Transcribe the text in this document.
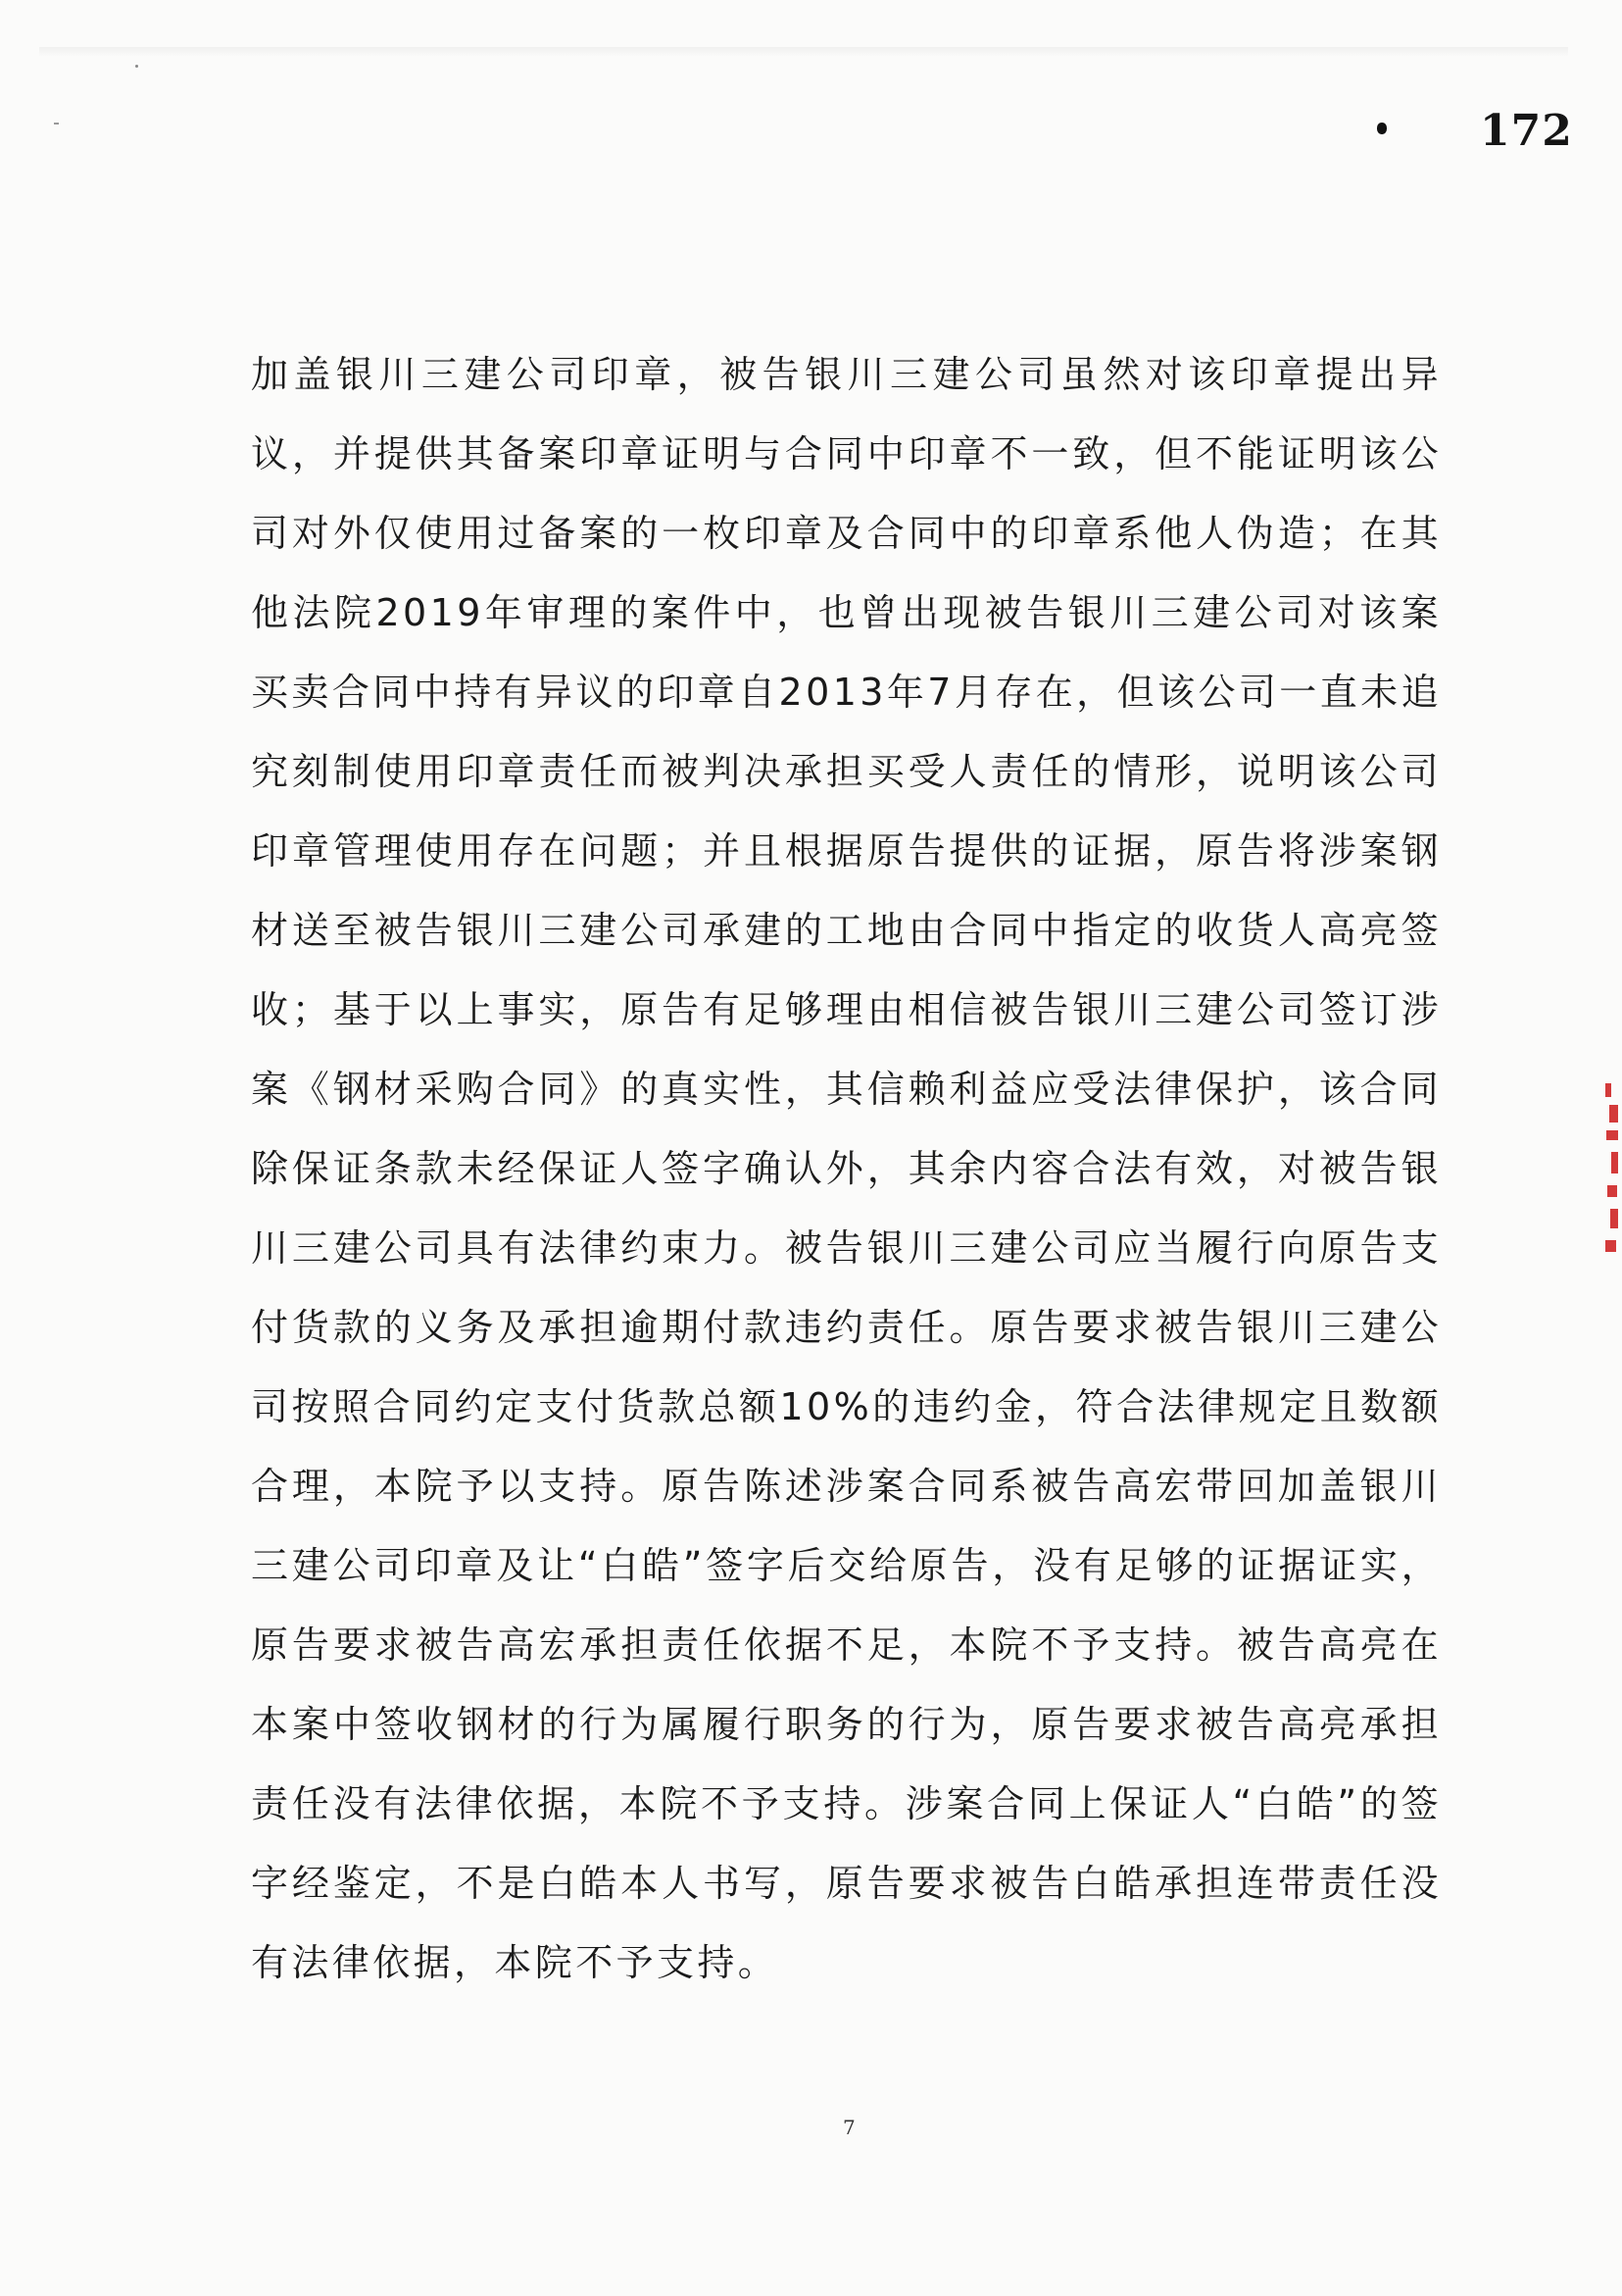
172

加盖银川三建公司印章，被告银川三建公司虽然对该印章提出异议，并提供其备案印章证明与合同中印章不一致，但不能证明该公司对外仅使用过备案的一枚印章及合同中的印章系他人伪造；在其他法院2019年审理的案件中，也曾出现被告银川三建公司对该案买卖合同中持有异议的印章自2013年7月存在，但该公司一直未追究刻制使用印章责任而被判决承担买受人责任的情形，说明该公司印章管理使用存在问题；并且根据原告提供的证据，原告将涉案钢材送至被告银川三建公司承建的工地由合同中指定的收货人高亮签收；基于以上事实，原告有足够理由相信被告银川三建公司签订涉案《钢材采购合同》的真实性，其信赖利益应受法律保护，该合同除保证条款未经保证人签字确认外，其余内容合法有效，对被告银川三建公司具有法律约束力。被告银川三建公司应当履行向原告支付货款的义务及承担逾期付款违约责任。原告要求被告银川三建公司按照合同约定支付货款总额10%的违约金，符合法律规定且数额合理，本院予以支持。原告陈述涉案合同系被告高宏带回加盖银川三建公司印章及让“白皓”签字后交给原告，没有足够的证据证实，原告要求被告高宏承担责任依据不足，本院不予支持。被告高亮在本案中签收钢材的行为属履行职务的行为，原告要求被告高亮承担责任没有法律依据，本院不予支持。涉案合同上保证人“白皓”的签字经鉴定，不是白皓本人书写，原告要求被告白皓承担连带责任没有法律依据，本院不予支持。

7
